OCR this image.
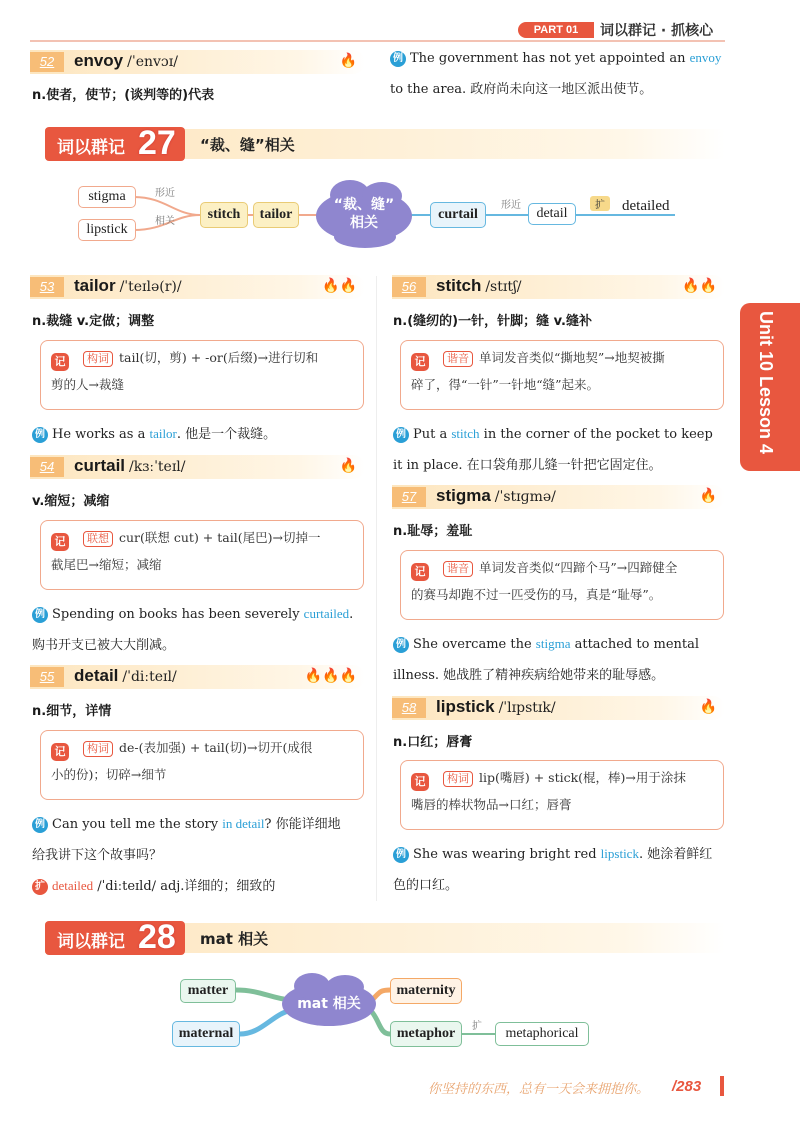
PART 01	词以群记 · 抓核心
Unit 10 Lesson 4
52	envoy /ˈenvɔɪ/	🔥
n.使者，使节；(谈判等的)代表
例 The government has not yet appointed an envoy
to the area. 政府尚未向这一地区派出使节。
词以群记 27 “裁、缝”相关
stigma
lipstick
形近
相关	stitch	tailor
“裁、缝”
相关
curtail
形近
detail
扩	detailed
53	tailor /ˈteɪlə(r)/	🔥🔥
n.裁缝 v.定做；调整
记	构词 tail(切，剪) + -or(后缀)→进行切和
剪的人→裁缝
例 He works as a tailor. 他是一个裁缝。
54	curtail /kɜːˈteɪl/	🔥
v.缩短；减缩
记	联想 cur(联想 cut) + tail(尾巴)→切掉一
截尾巴→缩短；减缩
例 Spending on books has been severely curtailed.
购书开支已被大大削减。
55	detail /ˈdiːteɪl/	🔥🔥🔥
n.细节，详情
记	构词 de-(表加强) + tail(切)→切开(成很
小的份)；切碎→细节
例 Can you tell me the story in detail? 你能详细地
给我讲下这个故事吗？
扩 detailed /ˈdiːteɪld/ adj.详细的；细致的
56	stitch /stɪtʃ/	🔥🔥
n.(缝纫的)一针，针脚；缝 v.缝补
记	谐音 单词发音类似“撕地契”→地契被撕
碎了，得“一针”一针地“缝”起来。
例 Put a stitch in the corner of the pocket to keep
it in place. 在口袋角那儿缝一针把它固定住。
57	stigma /ˈstɪɡmə/	🔥
n.耻辱；羞耻
记	谐音 单词发音类似“四蹄个马”→四蹄健全
的赛马却跑不过一匹受伤的马，真是“耻辱”。
例 She overcame the stigma attached to mental
illness. 她战胜了精神疾病给她带来的耻辱感。
58	lipstick /ˈlɪpstɪk/	🔥
n.口红；唇膏
记	构词 lip(嘴唇) + stick(棍，棒)→用于涂抹
嘴唇的棒状物品→口红；唇膏
例 She was wearing bright red lipstick. 她涂着鲜红
色的口红。
词以群记 28 mat 相关
matter
maternal
mat 相关
maternity
metaphor	扩	metaphorical
你坚持的东西，总有一天会来拥抱你。 /283
